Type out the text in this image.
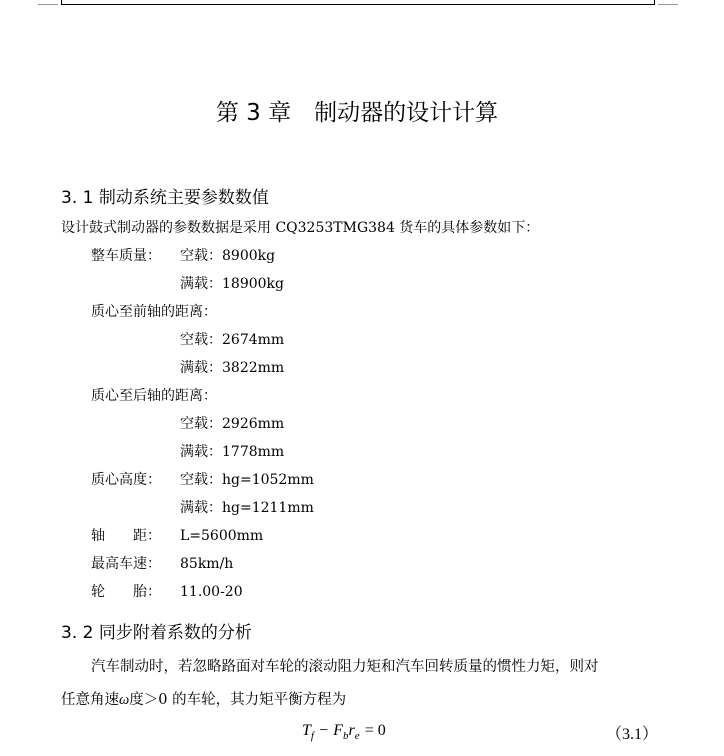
第 3 章　制动器的设计计算
3. 1 制动系统主要参数数值
设计鼓式制动器的参数数据是采用 CQ3253TMG384 货车的具体参数如下：
整车质量： 空载：8900kg
满载：18900kg
质心至前轴的距离：
空载：2674mm
满载：3822mm
质心至后轴的距离：
空载：2926mm
满载：1778mm
质心高度： 空载：hg=1052mm
满载：hg=1211mm
轴　　距： L=5600mm
最高车速： 85km/h
轮　　胎： 11.00-20
3. 2 同步附着系数的分析
汽车制动时，若忽略路面对车轮的滚动阻力矩和汽车回转质量的惯性力矩，则对
任意角速ω度＞0 的车轮，其力矩平衡方程为
$T_f - F_br_e = 0$	（3.1）
